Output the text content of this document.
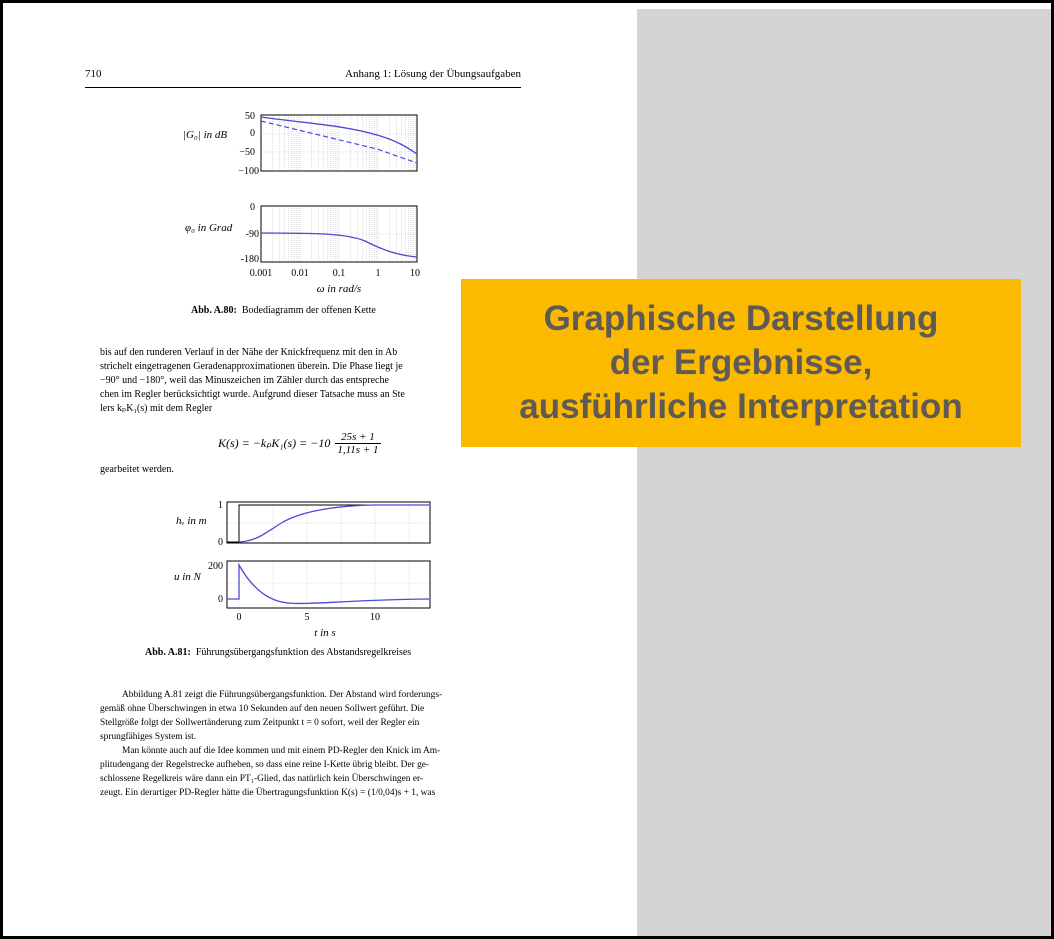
710	Anhang 1: Lösung der Übungsaufgaben
50
0
−50
−100
|G₀| in dB
0
-90
-180
φ₀ in Grad
0.001 0.01 0.1	1	10
ω in rad/s
Abb. A.80: Bodediagramm der offenen Kette
bis auf den runderen Verlauf in der Nähe der Knickfrequenz mit den in Ab
strichelt eingetragenen Geradenapproximationen überein. Die Phase liegt je
−90° und −180°, weil das Minuszeichen im Zähler durch das entspreche
chen im Regler berücksichtigt wurde. Aufgrund dieser Tatsache muss an Ste
lers kₚK₁(s) mit dem Regler
$K(s) = -k_pK_1(s) = -10 \frac{25s + 1}{1,11s + 1}$
gearbeitet werden.
1
0
hᵥ in m
200
0
u in N
0	5	10
t in s
Abb. A.81: Führungsübergangsfunktion des Abstandsregelkreises
Abbildung A.81 zeigt die Führungsübergangsfunktion. Der Abstand wird forderungs-
gemäß ohne Überschwingen in etwa 10 Sekunden auf den neuen Sollwert geführt. Die
Stellgröße folgt der Sollwertänderung zum Zeitpunkt t = 0 sofort, weil der Regler ein
sprungfähiges System ist.
Man könnte auch auf die Idee kommen und mit einem PD-Regler den Knick im Am-
plitudengang der Regelstrecke aufheben, so dass eine reine I-Kette übrig bleibt. Der ge-
schlossene Regelkreis wäre dann ein PT₁-Glied, das natürlich kein Überschwingen er-
zeugt. Ein derartiger PD-Regler hätte die Übertragungsfunktion K(s) = (1/0,04)s + 1, was
Graphische Darstellung
der Ergebnisse,
ausführliche Interpretation
